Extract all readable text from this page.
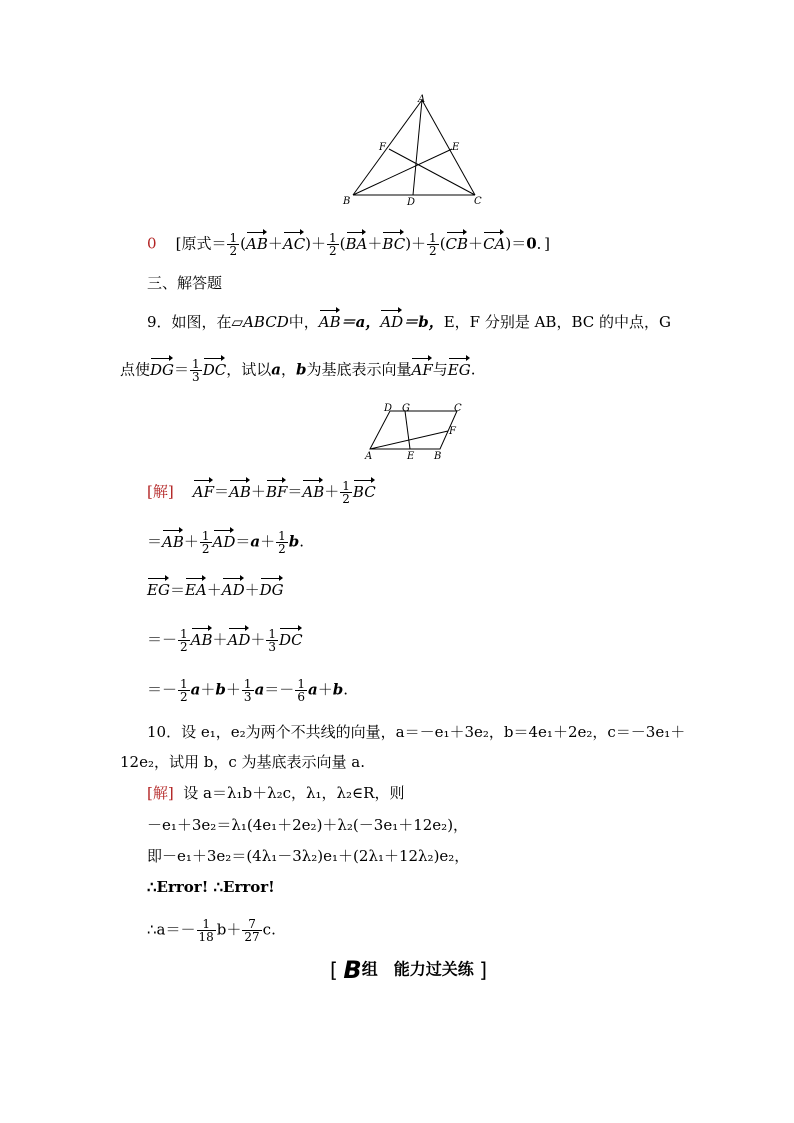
A
B	C
D
E
F
0 [原式＝ $\frac{1}{2} (AB+AC)+ \frac{1}{2} (BA+BC)+ \frac{1}{2} (CB+CA)=0$．]
三、解答题
9．如图，在▱ABCD中，AB＝a，AD＝b，E，F 分别是 AB，BC 的中点，G
点使$DG= \frac{1}{3}$ DC，试以a，b为基底表示向量AF与EG.
D G	C
F
A	E B
[解] $AF=AB+BF=AB+ \frac{1}{2}$ BC
$=AB+ \frac{1}{2} AD=a+ \frac{1}{2} b$.
EG＝EA＋AD＋DG
＝－ $\frac{1}{2} AB+AD+ \frac{1}{3}$ DC
＝－ $\frac{1}{2} a+b+ \frac{1}{3} a=- \frac{1}{6} a+b$.
10．设 e₁，e₂为两个不共线的向量，a＝－e₁＋3e₂，b＝4e₁＋2e₂，c＝－3e₁＋
12e₂，试用 b，c 为基底表示向量 a.
[解] 设 a＝λ₁b＋λ₂c，λ₁，λ₂∈R，则
－e₁＋3e₂＝λ₁(4e₁＋2e₂)＋λ₂(－3e₁＋12e₂)，
即－e₁＋3e₂＝(4λ₁－3λ₂)e₁＋(2λ₁＋12λ₂)e₂，
∴Error! ∴Error!
∴a＝－ $\frac{1}{18} b+ \frac{7}{27} c$.
[ B组　能力过关练 ]
